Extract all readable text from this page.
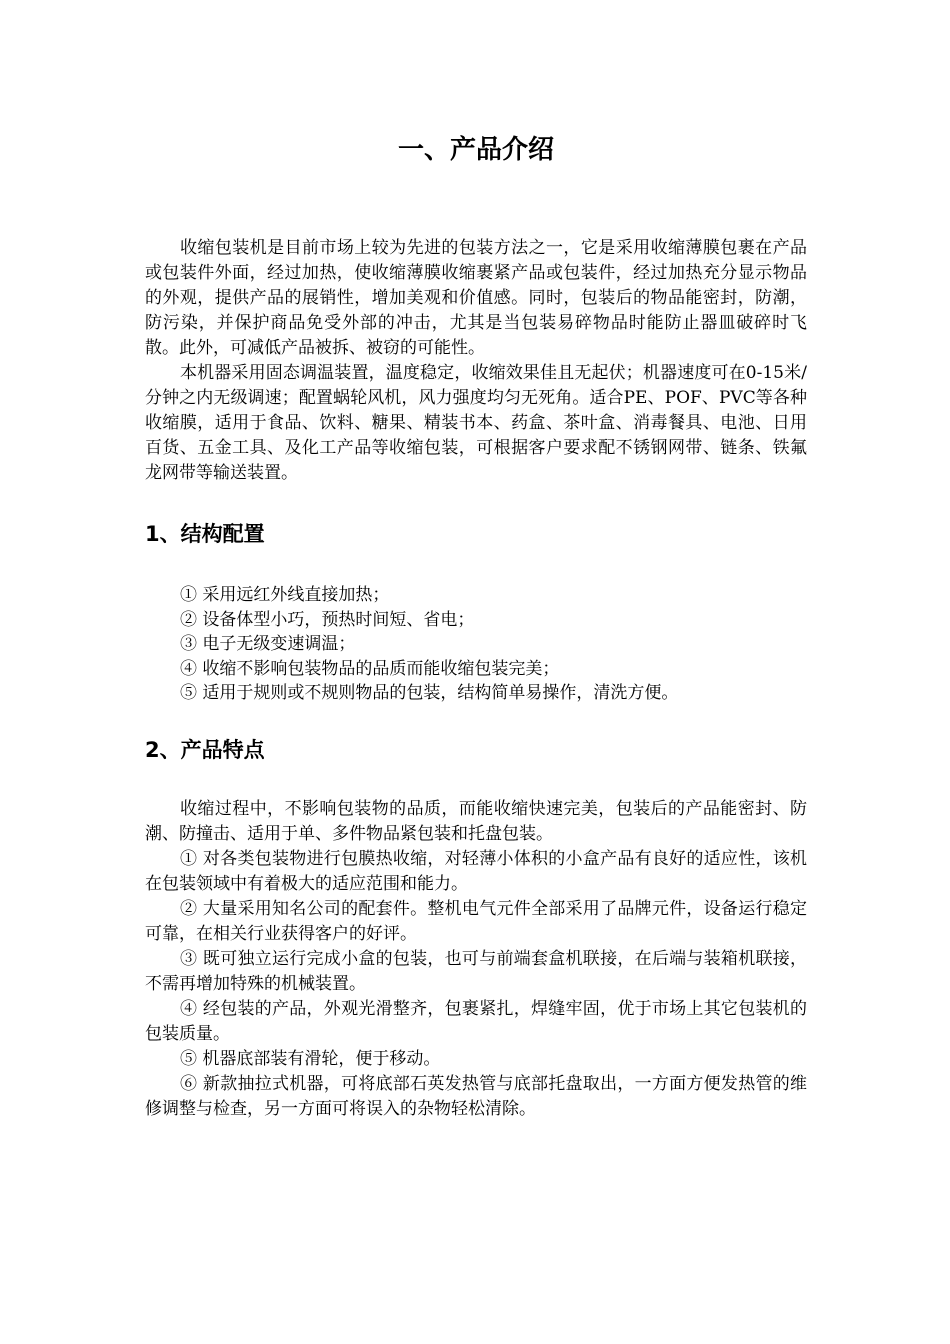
一、产品介绍

收缩包装机是目前市场上较为先进的包装方法之一，它是采用收缩薄膜包裹在产品或包装件外面，经过加热，使收缩薄膜收缩裹紧产品或包装件，经过加热充分显示物品的外观，提供产品的展销性，增加美观和价值感。同时，包装后的物品能密封，防潮，防污染，并保护商品免受外部的冲击，尤其是当包装易碎物品时能防止器皿破碎时飞散。此外，可减低产品被拆、被窃的可能性。

本机器采用固态调温装置，温度稳定，收缩效果佳且无起伏；机器速度可在0-15米/分钟之内无级调速；配置蜗轮风机，风力强度均匀无死角。适合PE、POF、PVC等各种收缩膜，适用于食品、饮料、糖果、精装书本、药盒、茶叶盒、消毒餐具、电池、日用百货、五金工具、及化工产品等收缩包装，可根据客户要求配不锈钢网带、链条、铁氟龙网带等输送装置。

1、结构配置

① 采用远红外线直接加热；

② 设备体型小巧，预热时间短、省电；

③ 电子无级变速调温；

④ 收缩不影响包装物品的品质而能收缩包装完美；

⑤ 适用于规则或不规则物品的包装，结构简单易操作，清洗方便。

2、产品特点

收缩过程中，不影响包装物的品质，而能收缩快速完美，包装后的产品能密封、防潮、防撞击、适用于单、多件物品紧包装和托盘包装。

① 对各类包装物进行包膜热收缩，对轻薄小体积的小盒产品有良好的适应性，该机在包装领域中有着极大的适应范围和能力。

② 大量采用知名公司的配套件。整机电气元件全部采用了品牌元件，设备运行稳定可靠，在相关行业获得客户的好评。

③ 既可独立运行完成小盒的包装，也可与前端套盒机联接，在后端与装箱机联接，不需再增加特殊的机械装置。

④ 经包装的产品，外观光滑整齐，包裹紧扎，焊缝牢固，优于市场上其它包装机的包装质量。

⑤ 机器底部装有滑轮，便于移动。

⑥ 新款抽拉式机器，可将底部石英发热管与底部托盘取出，一方面方便发热管的维修调整与检查，另一方面可将误入的杂物轻松清除。
